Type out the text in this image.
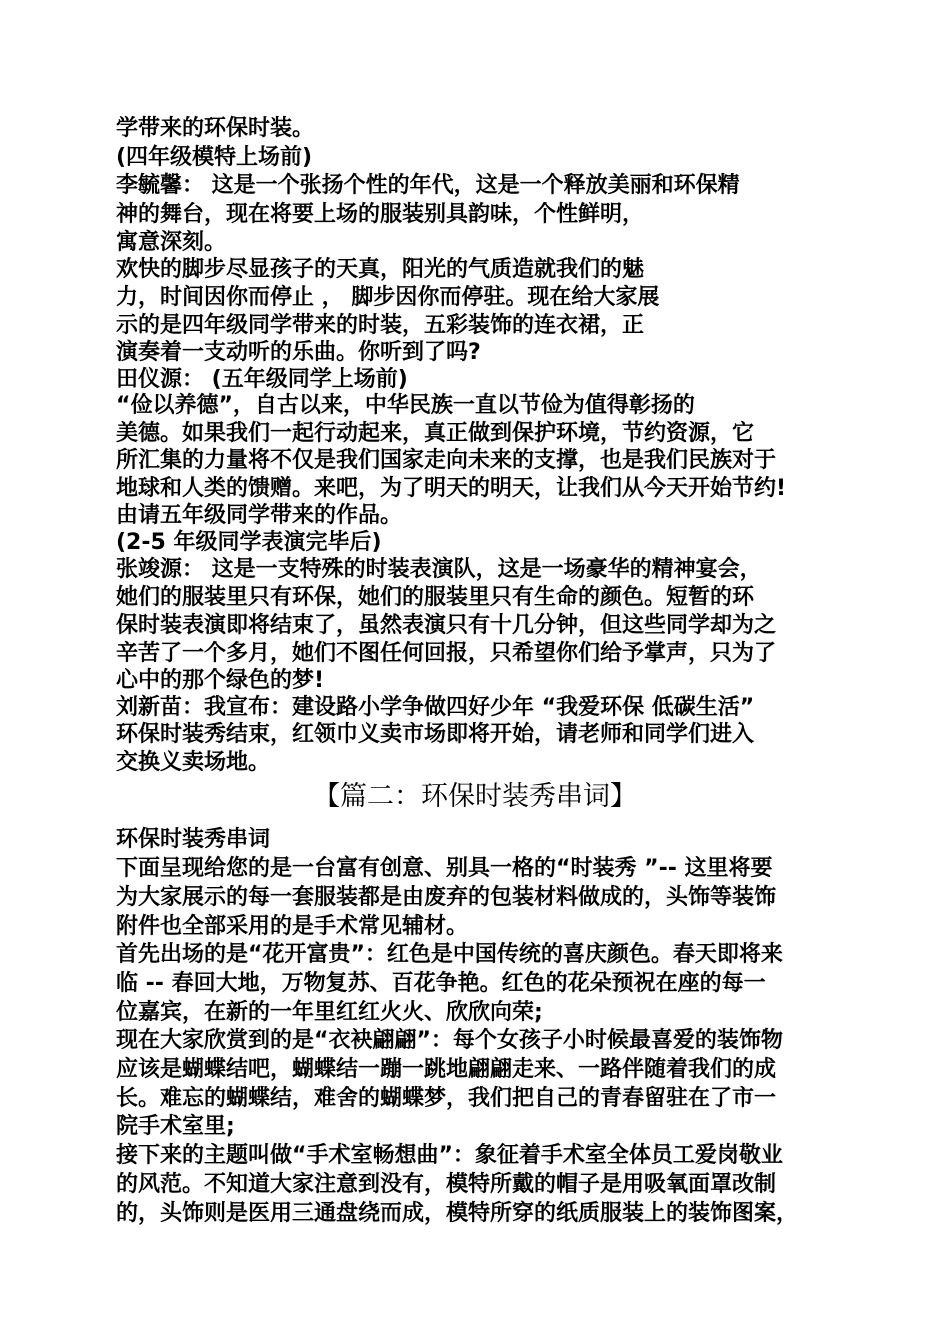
学带来的环保时装。

(四年级模特上场前)

李毓馨： 这是一个张扬个性的年代，这是一个释放美丽和环保精

神的舞台，现在将要上场的服装别具韵味，个性鲜明，

寓意深刻。

欢快的脚步尽显孩子的天真，阳光的气质造就我们的魅

力，时间因你而停止 ， 脚步因你而停驻。现在给大家展

示的是四年级同学带来的时装，五彩装饰的连衣裙，正

演奏着一支动听的乐曲。你听到了吗?

田仪源： (五年级同学上场前)

“俭以养德”，自古以来，中华民族一直以节俭为值得彰扬的

美德。如果我们一起行动起来，真正做到保护环境，节约资源，它

所汇集的力量将不仅是我们国家走向未来的支撑，也是我们民族对于

地球和人类的馈赠。来吧，为了明天的明天，让我们从今天开始节约!

由请五年级同学带来的作品。

(2-5 年级同学表演完毕后)

张竣源： 这是一支特殊的时装表演队，这是一场豪华的精神宴会，

她们的服装里只有环保，她们的服装里只有生命的颜色。短暂的环

保时装表演即将结束了，虽然表演只有十几分钟，但这些同学却为之

辛苦了一个多月，她们不图任何回报，只希望你们给予掌声，只为了

心中的那个绿色的梦!

刘新苗：我宣布：建设路小学争做四好少年 “我爱环保 低碳生活”

环保时装秀结束，红领巾义卖市场即将开始，请老师和同学们进入

交换义卖场地。

【篇二：环保时装秀串词】

环保时装秀串词

下面呈现给您的是一台富有创意、别具一格的“时装秀 ”-- 这里将要

为大家展示的每一套服装都是由废弃的包装材料做成的，头饰等装饰

附件也全部采用的是手术常见辅材。

首先出场的是“花开富贵”：红色是中国传统的喜庆颜色。春天即将来

临 -- 春回大地，万物复苏、百花争艳。红色的花朵预祝在座的每一

位嘉宾，在新的一年里红红火火、欣欣向荣;

现在大家欣赏到的是“衣袂翩翩”：每个女孩子小时候最喜爱的装饰物

应该是蝴蝶结吧，蝴蝶结一蹦一跳地翩翩走来、一路伴随着我们的成

长。难忘的蝴蝶结，难舍的蝴蝶梦，我们把自己的青春留驻在了市一

院手术室里;

接下来的主题叫做“手术室畅想曲”：象征着手术室全体员工爱岗敬业

的风范。不知道大家注意到没有，模特所戴的帽子是用吸氧面罩改制

的，头饰则是医用三通盘绕而成，模特所穿的纸质服装上的装饰图案，
